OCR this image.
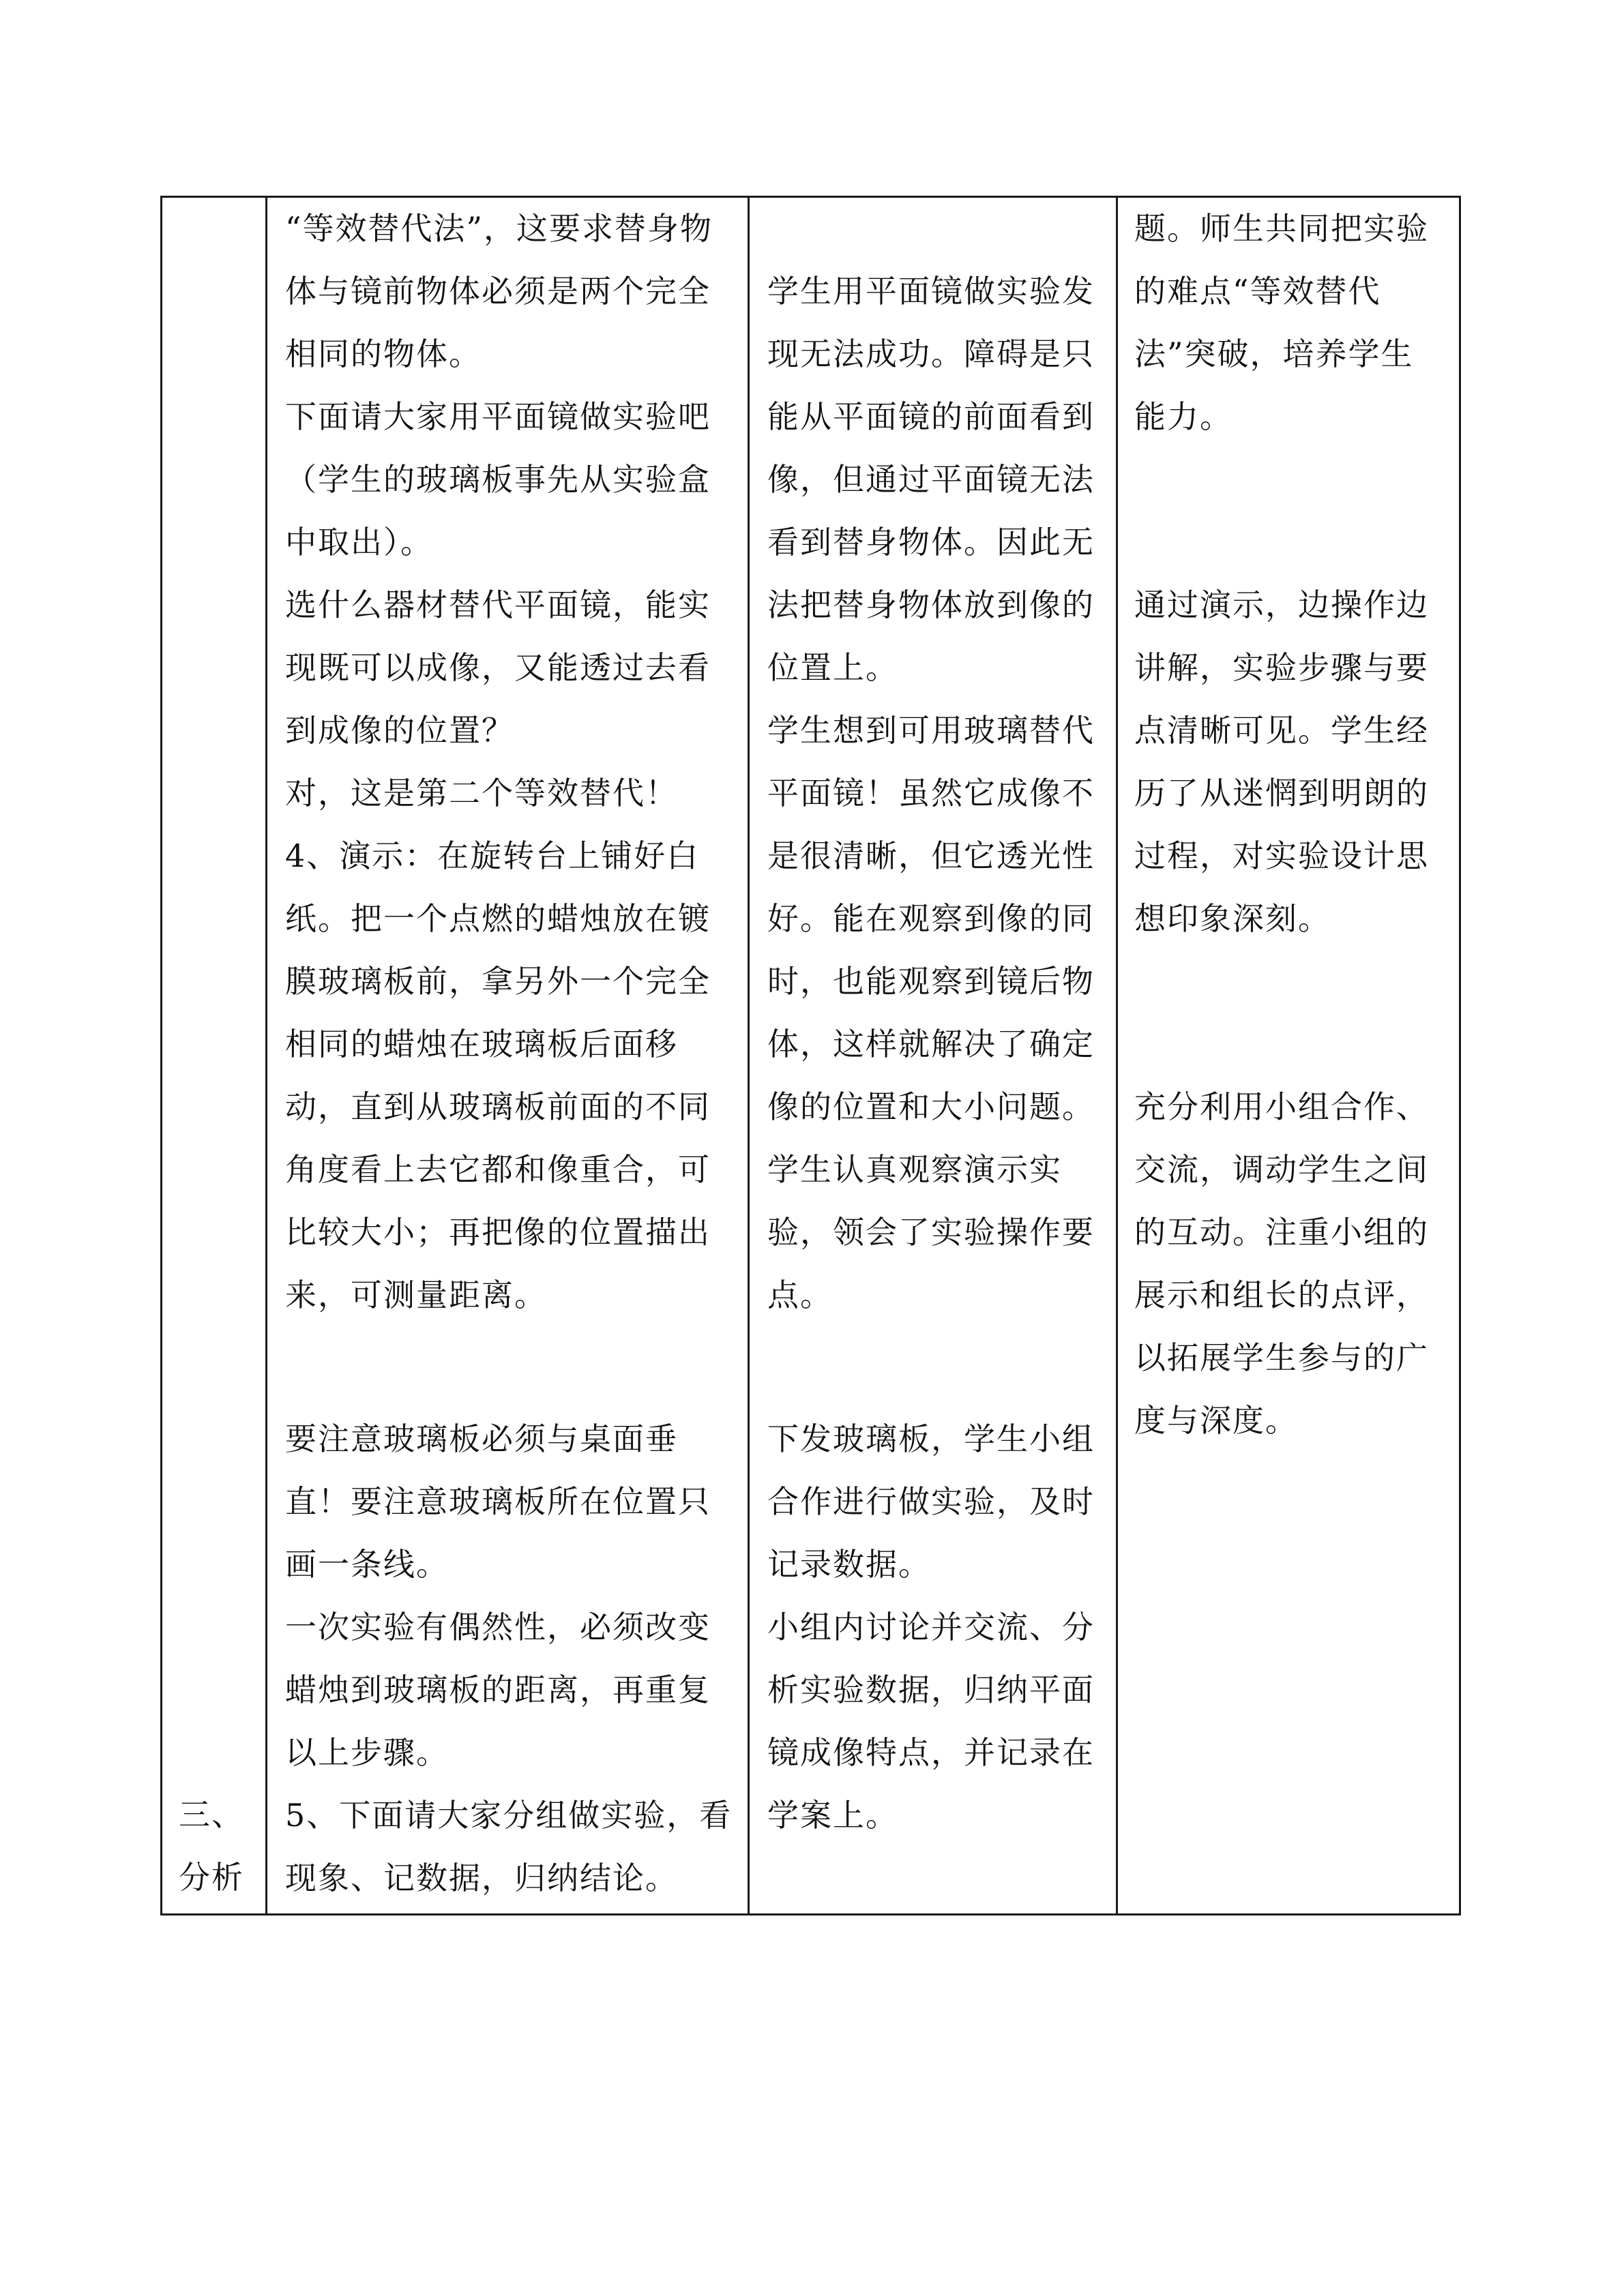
三、
分析
“等效替代法”，这要求替身物
体与镜前物体必须是两个完全
相同的物体。
下面请大家用平面镜做实验吧
（学生的玻璃板事先从实验盒
中取出）。
选什么器材替代平面镜，能实
现既可以成像，又能透过去看
到成像的位置？
对，这是第二个等效替代！
4、演示：在旋转台上铺好白
纸。把一个点燃的蜡烛放在镀
膜玻璃板前，拿另外一个完全
相同的蜡烛在玻璃板后面移
动，直到从玻璃板前面的不同
角度看上去它都和像重合，可
比较大小；再把像的位置描出
来，可测量距离。
要注意玻璃板必须与桌面垂
直！要注意玻璃板所在位置只
画一条线。
一次实验有偶然性，必须改变
蜡烛到玻璃板的距离，再重复
以上步骤。
5、下面请大家分组做实验，看
现象、记数据，归纳结论。
学生用平面镜做实验发
现无法成功。障碍是只
能从平面镜的前面看到
像，但通过平面镜无法
看到替身物体。因此无
法把替身物体放到像的
位置上。
学生想到可用玻璃替代
平面镜！虽然它成像不
是很清晰，但它透光性
好。能在观察到像的同
时，也能观察到镜后物
体，这样就解决了确定
像的位置和大小问题。
学生认真观察演示实
验，领会了实验操作要
点。
下发玻璃板，学生小组
合作进行做实验，及时
记录数据。
小组内讨论并交流、分
析实验数据，归纳平面
镜成像特点，并记录在
学案上。
题。师生共同把实验
的难点“等效替代
法”突破，培养学生
能力。
通过演示，边操作边
讲解，实验步骤与要
点清晰可见。学生经
历了从迷惘到明朗的
过程，对实验设计思
想印象深刻。
充分利用小组合作、
交流，调动学生之间
的互动。注重小组的
展示和组长的点评，
以拓展学生参与的广
度与深度。
